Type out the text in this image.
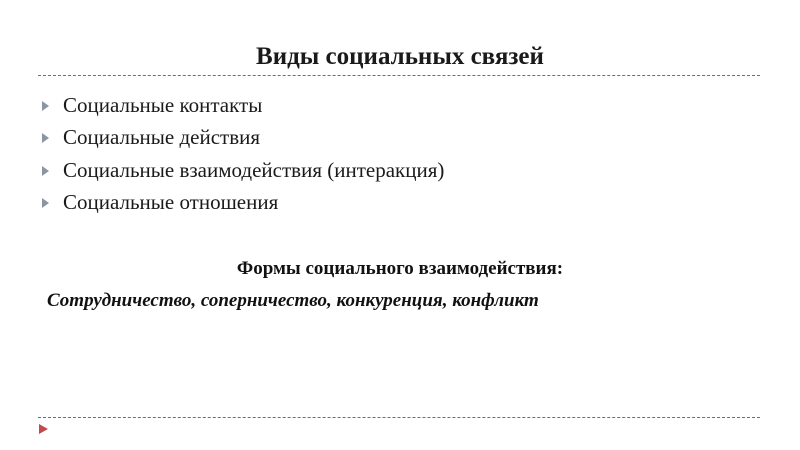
Виды социальных связей
Социальные контакты
Социальные действия
Социальные взаимодействия (интеракция)
Социальные отношения
Формы социального взаимодействия:
Сотрудничество, соперничество, конкуренция, конфликт
